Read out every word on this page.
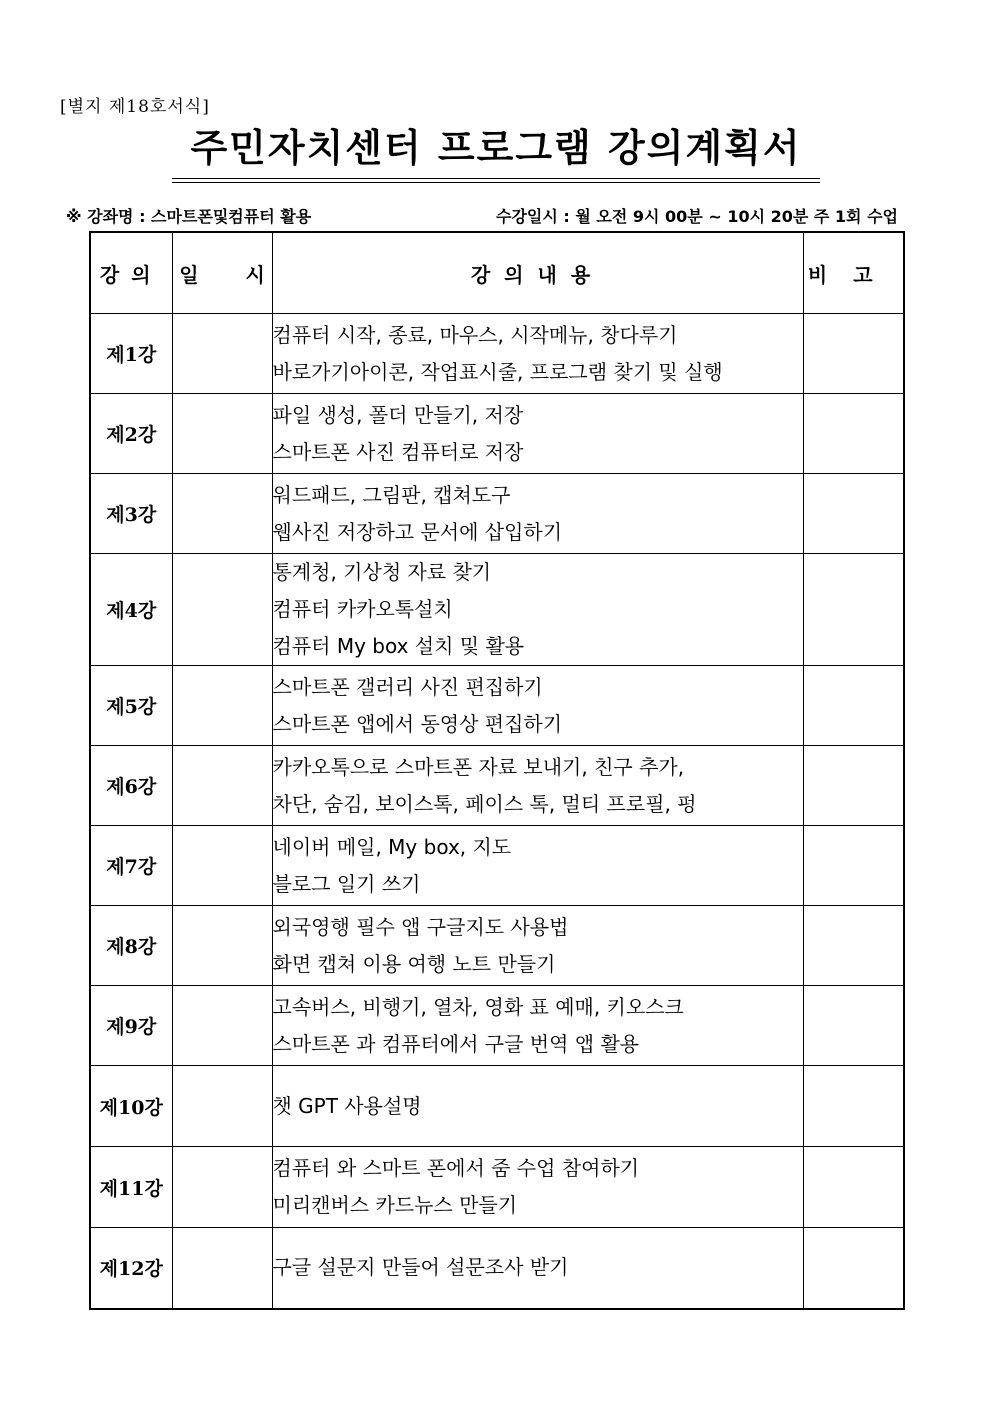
[별지 제18호서식]
주민자치센터 프로그램 강의계획서
※ 강좌명 : 스마트폰및컴퓨터 활용	수강일시 : 월 오전 9시 00분 ~ 10시 20분 주 1회 수업
강의	일 시	강의내용	비고
제1강		컴퓨터 시작, 종료, 마우스, 시작메뉴, 창다루기
바로가기아이콘, 작업표시줄, 프로그램 찾기 및 실행	

제2강		파일 생성, 폴더 만들기, 저장
스마트폰 사진 컴퓨터로 저장	

제3강		워드패드, 그림판, 캡쳐도구
웹사진 저장하고 문서에 삽입하기	

제4강		통계청, 기상청 자료 찾기
컴퓨터 카카오톡설치
컴퓨터 My box 설치 및 활용	

제5강		스마트폰 갤러리 사진 편집하기
스마트폰 앱에서 동영상 편집하기	

제6강		카카오톡으로 스마트폰 자료 보내기, 친구 추가,
차단, 숨김, 보이스톡, 페이스 톡, 멀티 프로필, 펑	

제7강		네이버 메일, My box, 지도
블로그 일기 쓰기	

제8강		외국영행 필수 앱 구글지도 사용법
화면 캡쳐 이용 여행 노트 만들기	

제9강		고속버스, 비행기, 열차, 영화 표 예매, 키오스크
스마트폰 과 컴퓨터에서 구글 번역 앱 활용	

제10강		챗 GPT 사용설명	

제11강		컴퓨터 와 스마트 폰에서 줌 수업 참여하기
미리캔버스 카드뉴스 만들기	

제12강		구글 설문지 만들어 설문조사 받기	
